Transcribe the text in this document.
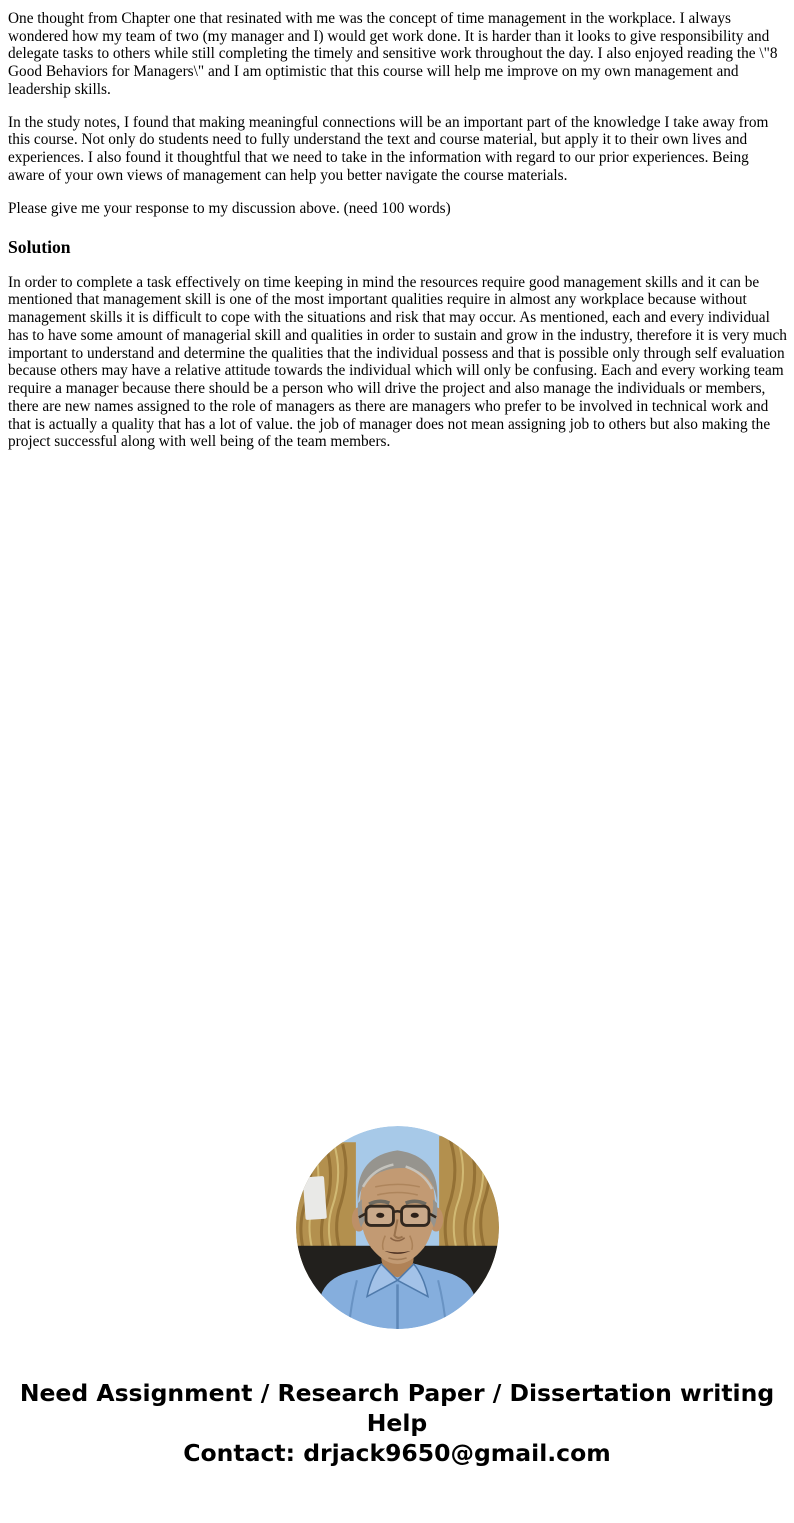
One thought from Chapter one that resinated with me was the concept of time management in the workplace. I always wondered how my team of two (my manager and I) would get work done. It is harder than it looks to give responsibility and delegate tasks to others while still completing the timely and sensitive work throughout the day. I also enjoyed reading the \"8 Good Behaviors for Managers\" and I am optimistic that this course will help me improve on my own management and leadership skills.

In the study notes, I found that making meaningful connections will be an important part of the knowledge I take away from this course. Not only do students need to fully understand the text and course material, but apply it to their own lives and experiences. I also found it thoughtful that we need to take in the information with regard to our prior experiences. Being aware of your own views of management can help you better navigate the course materials.

Please give me your response to my discussion above. (need 100 words)

Solution

In order to complete a task effectively on time keeping in mind the resources require good management skills and it can be mentioned that management skill is one of the most important qualities require in almost any workplace because without management skills it is difficult to cope with the situations and risk that may occur. As mentioned, each and every individual has to have some amount of managerial skill and qualities in order to sustain and grow in the industry, therefore it is very much important to understand and determine the qualities that the individual possess and that is possible only through self evaluation because others may have a relative attitude towards the individual which will only be confusing. Each and every working team require a manager because there should be a person who will drive the project and also manage the individuals or members, there are new names assigned to the role of managers as there are managers who prefer to be involved in technical work and that is actually a quality that has a lot of value. the job of manager does not mean assigning job to others but also making the project successful along with well being of the team members.

Need Assignment / Research Paper / Dissertation writing Help
Contact: drjack9650@gmail.com
